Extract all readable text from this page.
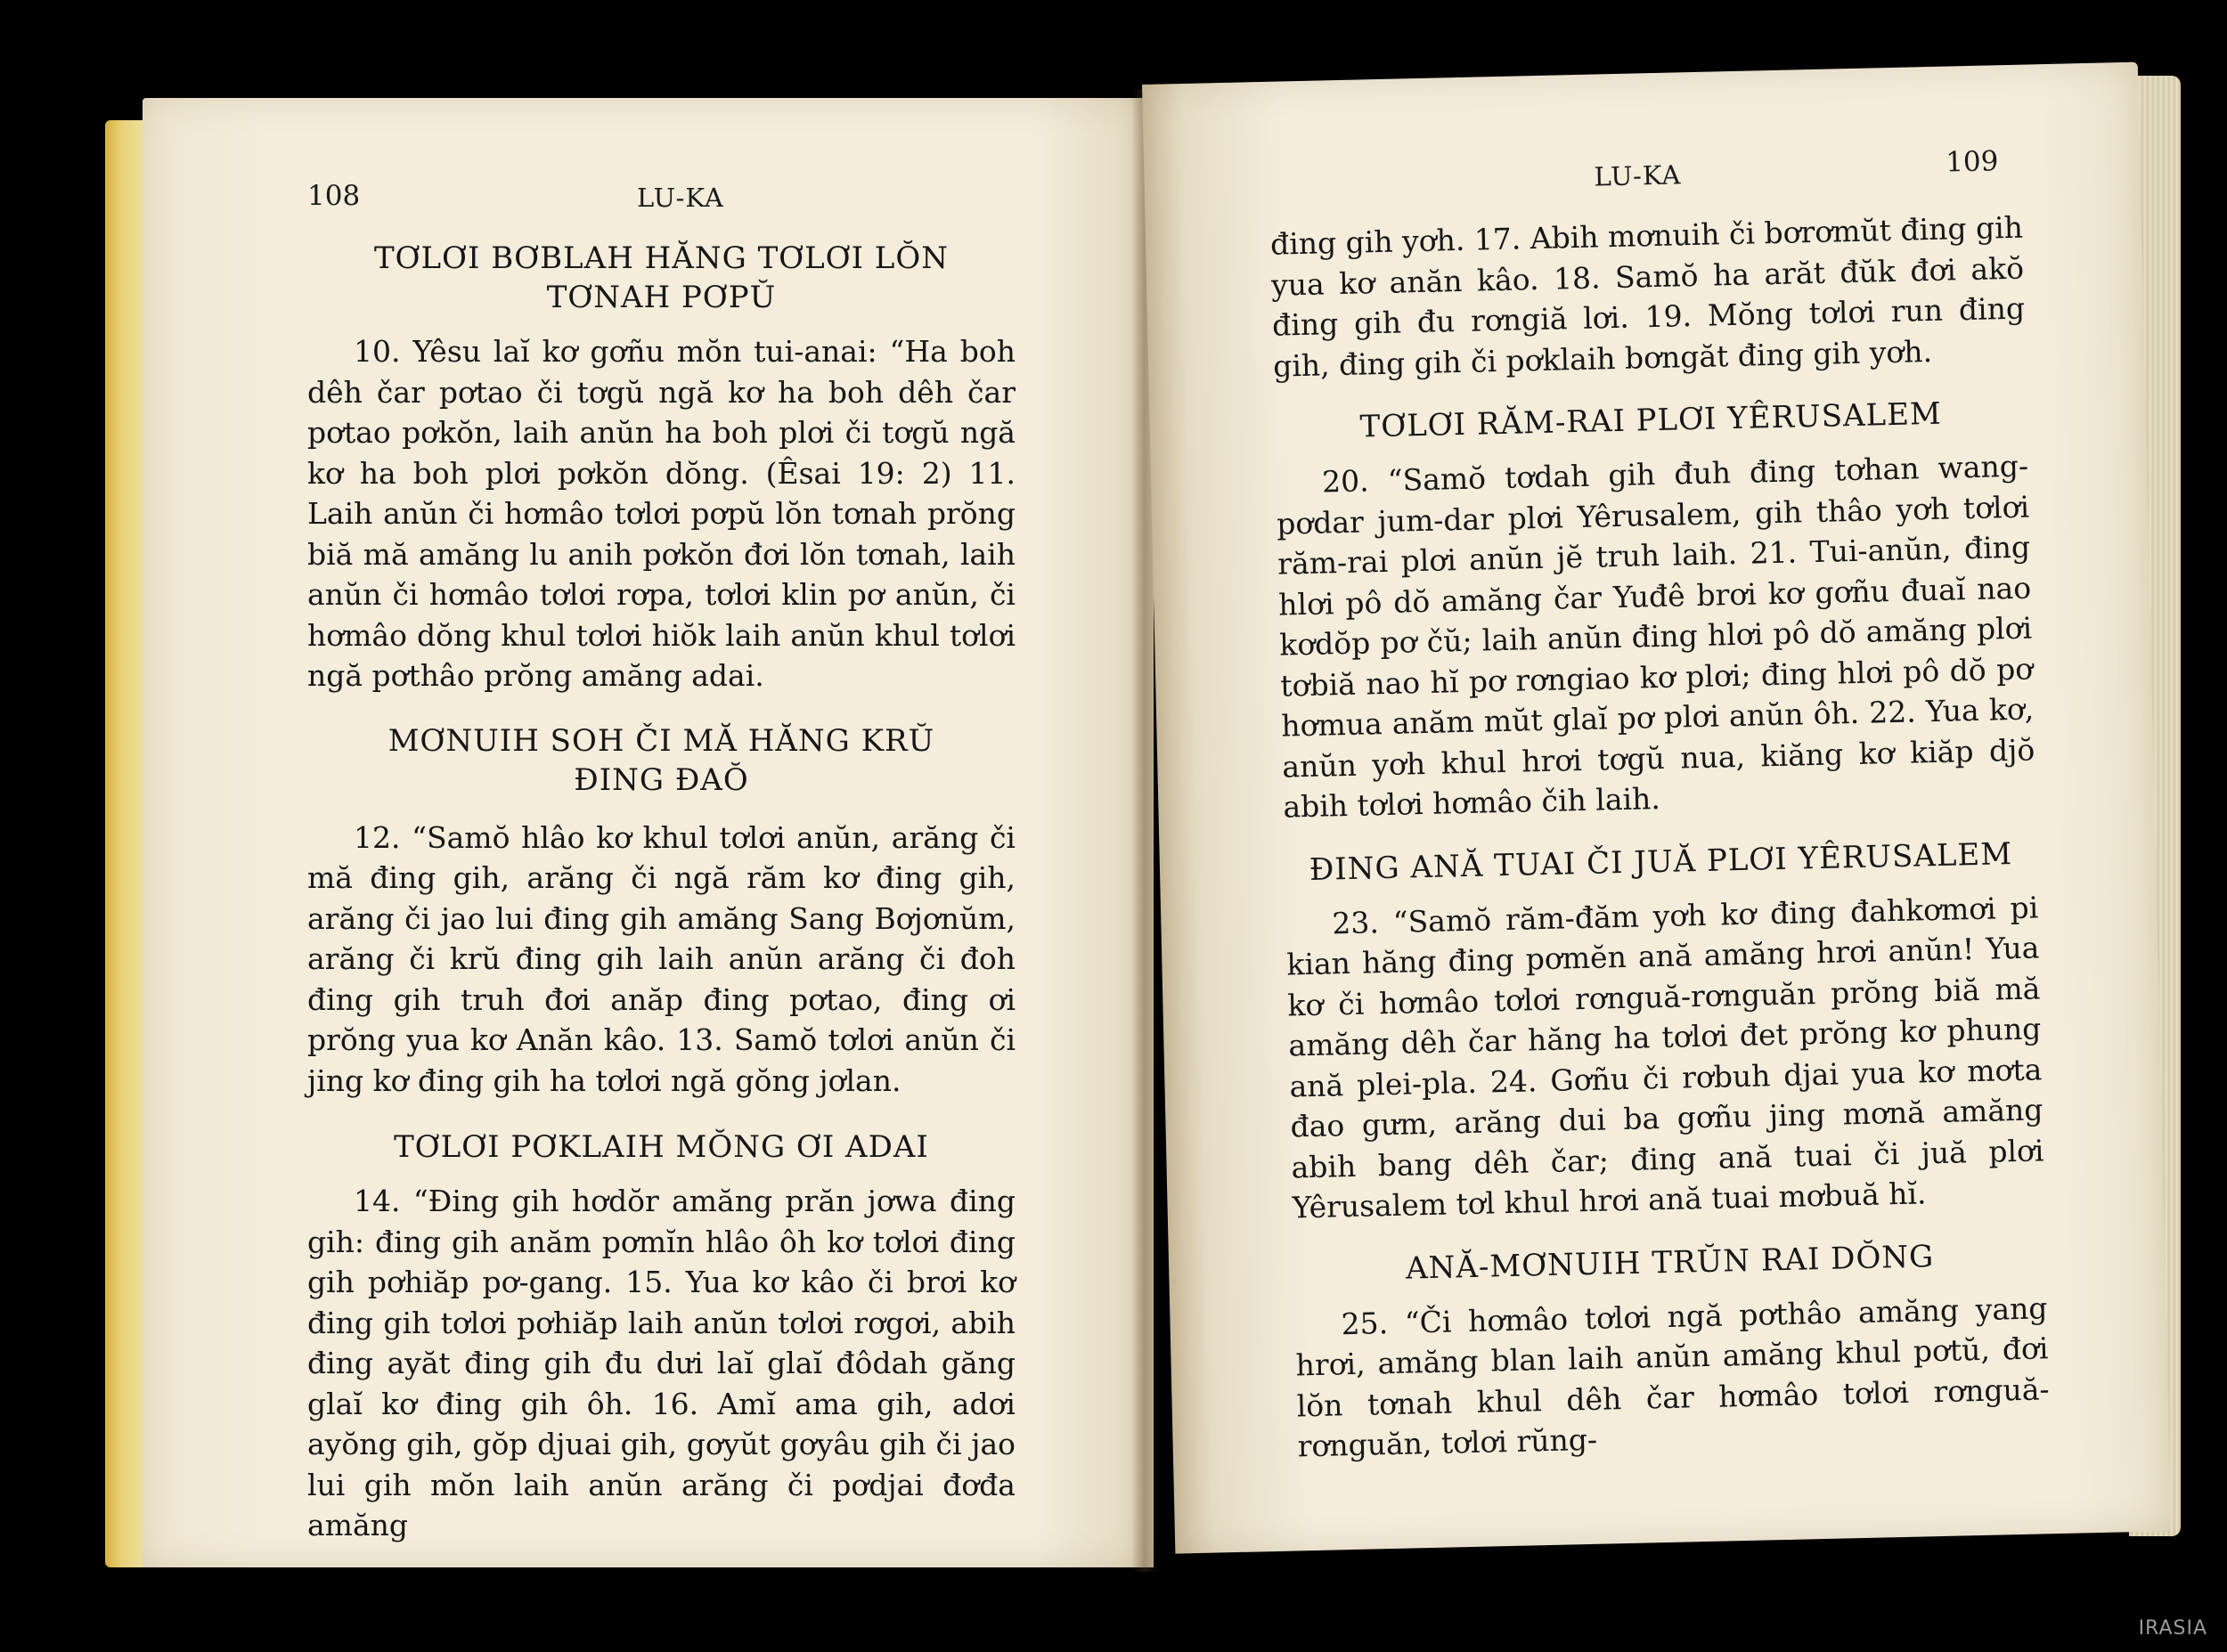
108	LU-KA
TƠLƠI BƠBLAH HĂNG TƠLƠI LŎN TƠNAH PƠPŬ

10. Yêsu laĭ kơ gơñu mŏn tui-anai: “Ha boh dêh čar pơtao či tơgŭ ngă kơ ha boh dêh čar pơtao pơkŏn, laih anŭn ha boh plơi či tơgŭ ngă kơ ha boh plơi pơkŏn dŏng. (Êsai 19: 2) 11. Laih anŭn či hơmâo tơlơi pơpŭ lŏn tơnah prŏng biă mă amăng lu anih pơkŏn đơi lŏn tơnah, laih anŭn či hơmâo tơlơi rơpa, tơlơi klin pơ anŭn, či hơmâo dŏng khul tơlơi hiŏk laih anŭn khul tơlơi ngă pơthâo prŏng amăng adai.

MƠNUIH SOH ČI MĂ HĂNG KRŬ ĐING ĐAŎ

12. “Samŏ hlâo kơ khul tơlơi anŭn, arăng či mă đing gih, arăng či ngă răm kơ đing gih, arăng či jao lui đing gih amăng Sang Bơjơnŭm, arăng či krŭ đing gih laih anŭn arăng či đoh đing gih truh đơi anăp đing pơtao, đing ơi prŏng yua kơ Anăn kâo. 13. Samŏ tơlơi anŭn či jing kơ đing gih ha tơlơi ngă gŏng jơlan.

TƠLƠI PƠKLAIH MŎNG ƠI ADAI

14. “Đing gih hơdŏr amăng prăn jơwa đing gih: đing gih anăm pơmĭn hlâo ôh kơ tơlơi đing gih pơhiăp pơ-gang. 15. Yua kơ kâo či brơi kơ đing gih tơlơi pơhiăp laih anŭn tơlơi rơgơi, abih đing ayăt đing gih đu dưi laĭ glaĭ đôdah găng glaĭ kơ đing gih ôh. 16. Amĭ ama gih, adơi ayŏng gih, gŏp djuai gih, gơyŭt gơyâu gih či jao lui gih mŏn laih anŭn arăng či pơdjai đơđa amăng

LU-KA	109

đing gih yơh. 17. Abih mơnuih či bơrơmŭt đing gih yua kơ anăn kâo. 18. Samŏ ha arăt đŭk đơi akŏ đing gih đu rơngiă lơi. 19. Mŏng tơlơi run đing gih, đing gih či pơklaih bơngăt đing gih yơh.

TƠLƠI RĂM-RAI PLƠI YÊRUSALEM

20. “Samŏ tơdah gih đuh đing tơhan wang-pơdar jum-dar plơi Yêrusalem, gih thâo yơh tơlơi răm-rai plơi anŭn jĕ truh laih. 21. Tui-anŭn, đing hlơi pô dŏ amăng čar Yuđê brơi kơ gơñu đuaĭ nao kơdŏp pơ čŭ; laih anŭn đing hlơi pô dŏ amăng plơi tơbiă nao hĭ pơ rơngiao kơ plơi; đing hlơi pô dŏ pơ hơmua anăm mŭt glaĭ pơ plơi anŭn ôh. 22. Yua kơ, anŭn yơh khul hrơi tơgŭ nua, kiăng kơ kiăp djŏ abih tơlơi hơmâo čih laih.

ĐING ANĂ TUAI ČI JUĂ PLƠI YÊRUSALEM

23. “Samŏ răm-đăm yơh kơ đing đahkơmơi pi kian hăng đing pơmĕn ană amăng hrơi anŭn! Yua kơ či hơmâo tơlơi rơnguă-rơnguăn prŏng biă mă amăng dêh čar hăng ha tơlơi đet prŏng kơ phung ană plei-pla. 24. Gơñu či rơbuh djai yua kơ mơta đao gưm, arăng dui ba gơñu jing mơnă amăng abih bang dêh čar; đing ană tuai či juă plơi Yêrusalem tơl khul hrơi ană tuai mơbuă hĭ.

ANĂ-MƠNUIH TRŬN RAI DŎNG

25. “Či hơmâo tơlơi ngă pơthâo amăng yang hrơi, amăng blan laih anŭn amăng khul pơtŭ, đơi lŏn tơnah khul dêh čar hơmâo tơlơi rơnguă-rơnguăn, tơlơi rŭng-

IRASIA
